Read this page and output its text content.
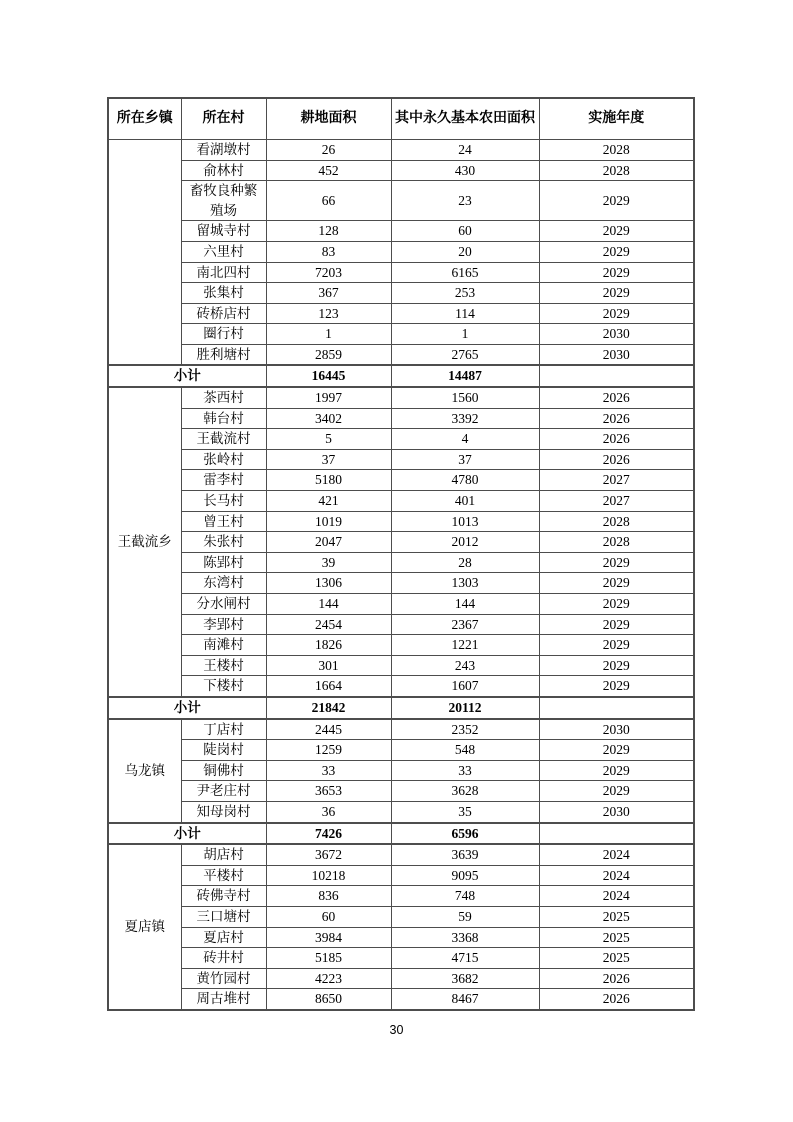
所在乡镇	所在村	耕地面积	其中永久基本农田面积	实施年度
	看湖墩村	26	24	2028
	俞林村	452	430	2028
	畜牧良种繁殖场	66	23	2029
	留城寺村	128	60	2029
	六里村	83	20	2029
	南北四村	7203	6165	2029
	张集村	367	253	2029
	砖桥店村	123	114	2029
	圈行村	1	1	2030
	胜利塘村	2859	2765	2030
小计		16445	14487	
王截流乡	茶西村	1997	1560	2026
	韩台村	3402	3392	2026
	王截流村	5	4	2026
	张岭村	37	37	2026
	雷李村	5180	4780	2027
	长马村	421	401	2027
	曾王村	1019	1013	2028
	朱张村	2047	2012	2028
	陈郢村	39	28	2029
	东湾村	1306	1303	2029
	分水闸村	144	144	2029
	李郢村	2454	2367	2029
	南滩村	1826	1221	2029
	王楼村	301	243	2029
	下楼村	1664	1607	2029
小计		21842	20112	
乌龙镇	丁店村	2445	2352	2030
	陡岗村	1259	548	2029
	铜佛村	33	33	2029
	尹老庄村	3653	3628	2029
	知母岗村	36	35	2030
小计		7426	6596	
夏店镇	胡店村	3672	3639	2024
	平楼村	10218	9095	2024
	砖佛寺村	836	748	2024
	三口塘村	60	59	2025
	夏店村	3984	3368	2025
	砖井村	5185	4715	2025
	黄竹园村	4223	3682	2026
	周古堆村	8650	8467	2026
30
